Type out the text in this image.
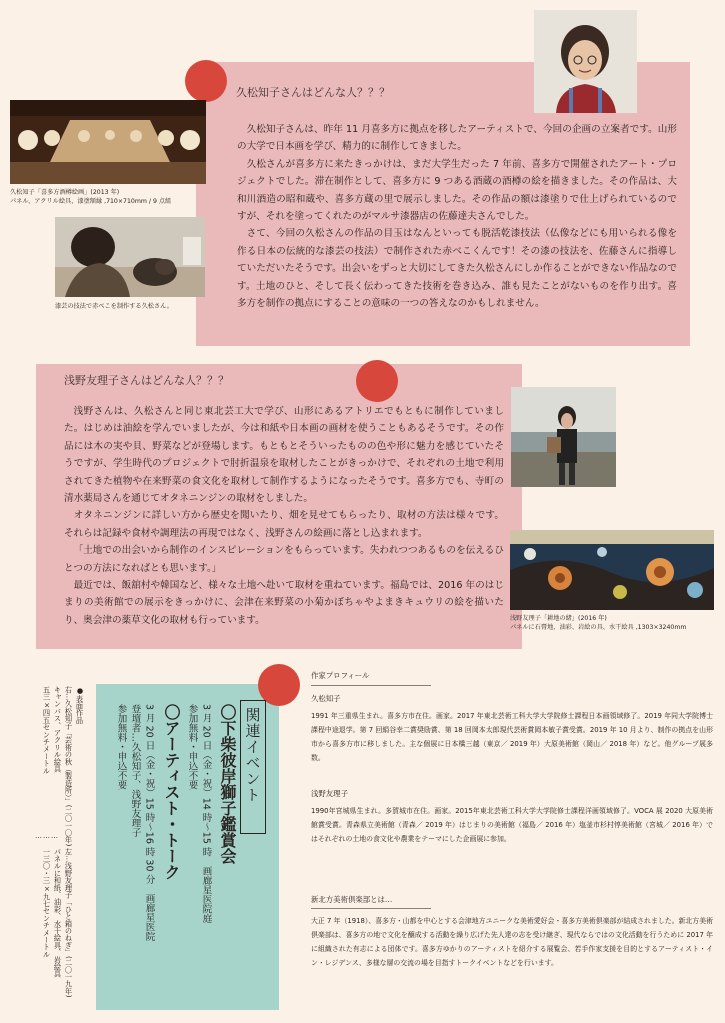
久松知子さんはどんな人？？？

久松知子さんは、昨年 11 月喜多方に拠点を移したアーティストで、今回の企画の立案者です。山形の大学で日本画を学び、精力的に制作してきました。

久松さんが喜多方に来たきっかけは、まだ大学生だった 7 年前、喜多方で開催されたアート・プロジェクトでした。滞在制作として、喜多方に 9 つある酒蔵の酒樽の絵を描きました。その作品は、大和川酒造の昭和蔵や、喜多方蔵の里で展示しました。その作品の額は漆塗りで仕上げられているのですが、それを塗ってくれたのがマルサ漆器店の佐藤達夫さんでした。

さて、今回の久松さんの作品の目玉はなんといっても脱活乾漆技法（仏像などにも用いられる像を作る日本の伝統的な漆芸の技法）で制作された赤べこくんです！その漆の技法を、佐藤さんに指導していただいたそうです。出会いをずっと大切にしてきた久松さんにしか作ることができない作品なのです。土地のひと、そして長く伝わってきた技術を巻き込み、誰も見たことがないものを作り出す。喜多方を制作の拠点にすることの意味の一つの答えなのかもしれません。

久松知子「喜多方酒樽絵画」(2013 年)
パネル、アクリル絵具、漆塗額縁 ,710×710mm / 9 点組
漆芸の技法で赤べこを制作する久松さん。
浅野友理子さんはどんな人？？？

浅野さんは、久松さんと同じ東北芸工大で学び、山形にあるアトリエでもともに制作していました。はじめは油絵を学んでいましたが、今は和紙や日本画の画材を使うこともあるそうです。その作品には木の実や貝、野菜などが登場します。もともとそういったものの色や形に魅力を感じていたそうですが、学生時代のプロジェクトで肘折温泉を取材したことがきっかけで、それぞれの土地で利用されてきた植物や在来野菜の食文化を取材して制作するようになったそうです。喜多方でも、寺町の清水薬局さんを通じてオタネニンジンの取材をしました。

オタネニンジンに詳しい方から歴史を聞いたり、畑を見せてもらったり、取材の方法は様々です。それらは記録や食材や調理法の再現ではなく、浅野さんの絵画に落とし込まれます。

「土地での出会いから制作のインスピレーションをもらっています。失われつつあるものを伝えるひとつの方法になればとも思います。」

最近では、飯舘村や韓国など、様々な土地へ赴いて取材を重ねています。福島では、2016 年のはじまりの美術館での展示をきっかけに、会津在来野菜の小菊かぼちゃやよまきキュウリの絵を描いたり、奥会津の薬草文化の取材も行っています。	浅野友理子「耕地の緒」(2016 年)
パネルに石膏地、油彩、岩絵の具、水干絵具 ,1303×3240mm
関連イベント
〇下柴彼岸獅子鑑賞会
3 月 20 日（金・祝）14 時～15 時　画廊星医院庭
参加無料・申込不要
〇アーティスト・トーク
3 月 20 日（金・祝）15 時～16 時 30 分　画廊星医院
登壇者…久松知子、浅野友理子
参加無料・申込不要
●表面作品
右…久松知子「芸術の秋（製造所）」(二〇一〇年)
キャンバス、アクリル絵具
五三×四五センチメートル
………
左…浅野友理子「ひと箱のねぎ」(二〇一九年)
パネルに和紙、油彩、水干絵具、岩絵具
一三〇・三×九七センチメートル
作家プロフィール
久松知子

1991 年三重県生まれ。喜多方市在住。画家。2017 年東北芸術工科大学大学院修士課程日本画領域修了。2019 年同大学院博士課程中途退学。第 7 回絹谷幸二賞奨励賞、第 18 回岡本太郎現代芸術賞岡本敏子賞受賞。2019 年 10 月より、制作の拠点を山形市から喜多方市に移しました。主な個展に日本橋三越（東京／ 2019 年）大原美術館（岡山／ 2018 年）など。他グループ展多数。

浅野友理子

1990年宮城県生まれ。多賀城市在住。画家。2015年東北芸術工科大学大学院修士課程洋画領域修了。VOCA 展 2020 大原美術館賞受賞。青森県立美術館（青森／ 2019 年）はじまりの美術館（福島／ 2016 年）塩釜市杉村惇美術館（宮城／ 2016 年）ではそれぞれの土地の食文化や農業をテーマにした企画展に参加。

新北方美術倶楽部とは…

大正 7 年（1918）、喜多方・山都を中心とする会津地方ユニークな美術愛好会・喜多方美術倶楽部が結成されました。新北方美術倶楽部は、喜多方の地で文化を醸成する活動を繰り広げた先人達の志を受け継ぎ、現代ならではの文化活動を行うために 2017 年に組織された有志による団体です。喜多方ゆかりのアーティストを紹介する展覧会、若手作家支援を目的とするアーティスト・イン・レジデンス、多様な層の交流の場を目指すトークイベントなどを行います。
